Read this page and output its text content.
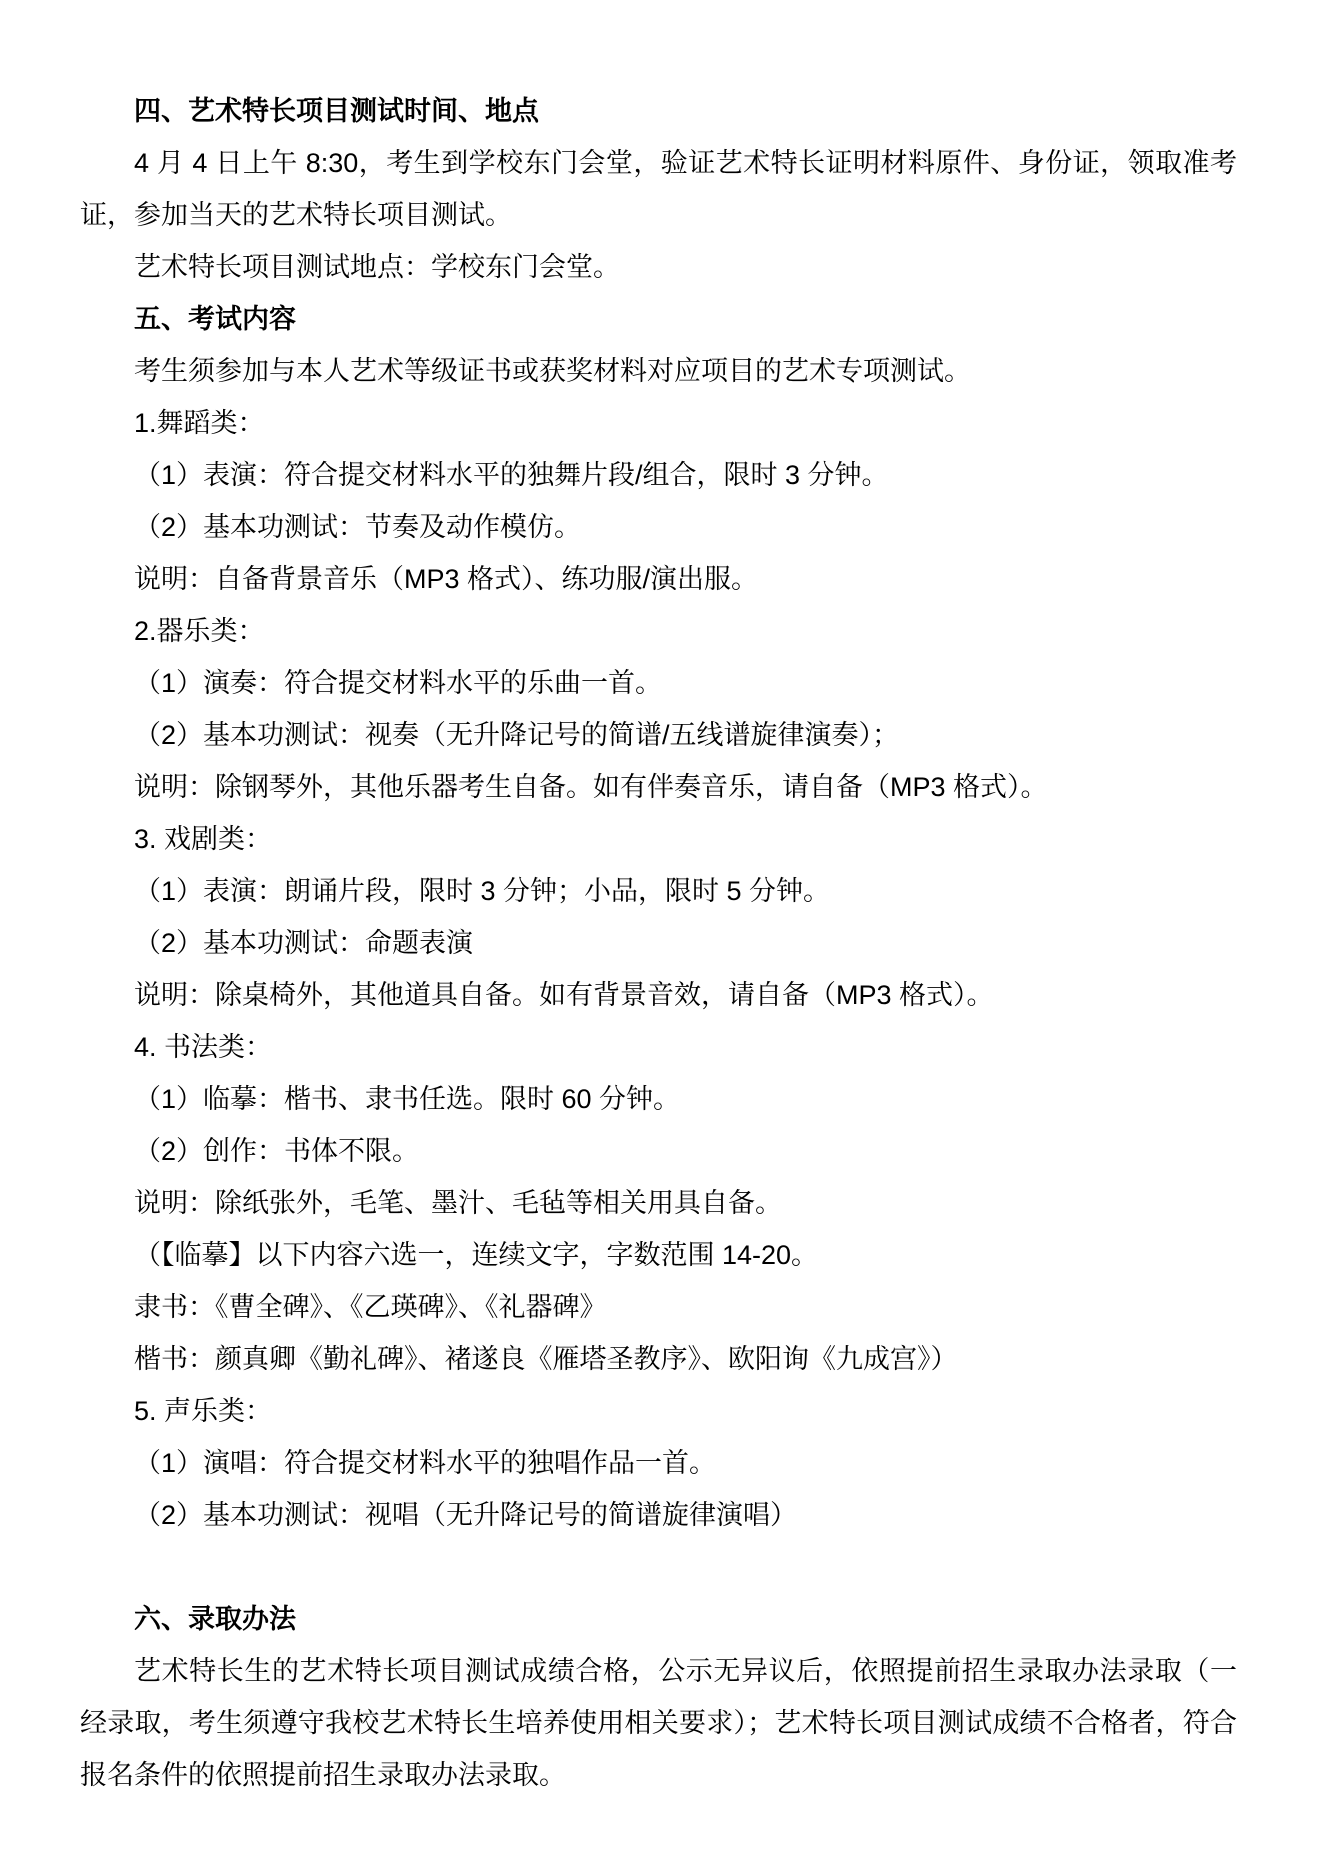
四、艺术特长项目测试时间、地点

4 月 4 日上午 8:30，考生到学校东门会堂，验证艺术特长证明材料原件、身份证，领取准考证，参加当天的艺术特长项目测试。

艺术特长项目测试地点：学校东门会堂。

五、考试内容

考生须参加与本人艺术等级证书或获奖材料对应项目的艺术专项测试。

1.舞蹈类：

（1）表演：符合提交材料水平的独舞片段/组合，限时 3 分钟。

（2）基本功测试：节奏及动作模仿。

说明：自备背景音乐（MP3 格式）、练功服/演出服。

2.器乐类：

（1）演奏：符合提交材料水平的乐曲一首。

（2）基本功测试：视奏（无升降记号的简谱/五线谱旋律演奏）；

说明：除钢琴外，其他乐器考生自备。如有伴奏音乐，请自备（MP3 格式）。

3. 戏剧类：

（1）表演：朗诵片段，限时 3 分钟；小品，限时 5 分钟。

（2）基本功测试：命题表演

说明：除桌椅外，其他道具自备。如有背景音效，请自备（MP3 格式）。

4. 书法类：

（1）临摹：楷书、隶书任选。限时 60 分钟。

（2）创作：书体不限。

说明：除纸张外，毛笔、墨汁、毛毡等相关用具自备。

（【临摹】以下内容六选一，连续文字，字数范围 14-20。

隶书：《曹全碑》、《乙瑛碑》、《礼器碑》

楷书：颜真卿《勤礼碑》、褚遂良《雁塔圣教序》、欧阳询《九成宫》）

5. 声乐类：

（1）演唱：符合提交材料水平的独唱作品一首。

（2）基本功测试：视唱（无升降记号的简谱旋律演唱）

六、录取办法

艺术特长生的艺术特长项目测试成绩合格，公示无异议后，依照提前招生录取办法录取（一经录取，考生须遵守我校艺术特长生培养使用相关要求）；艺术特长项目测试成绩不合格者，符合报名条件的依照提前招生录取办法录取。
